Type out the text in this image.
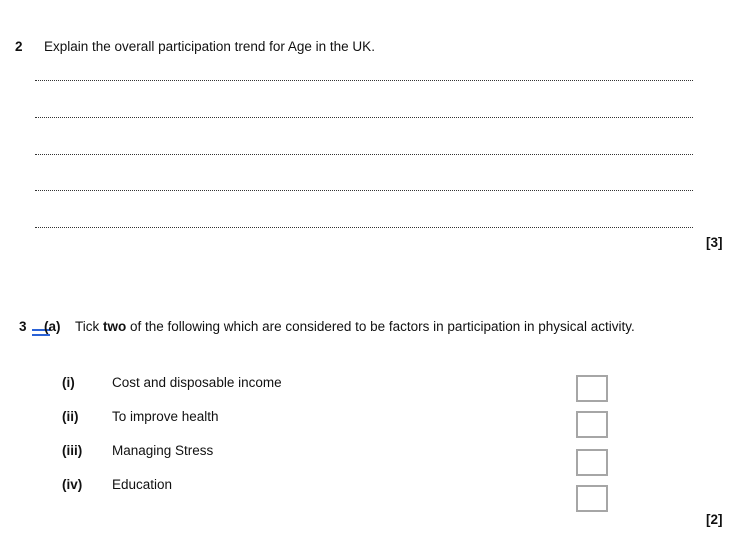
2 Explain the overall participation trend for Age in the UK.
[3]
3 (a) Tick two of the following which are considered to be factors in participation in physical activity.
(i)	Cost and disposable income
(ii) To improve health
(iii) Managing Stress
(iv) Education
[2]
